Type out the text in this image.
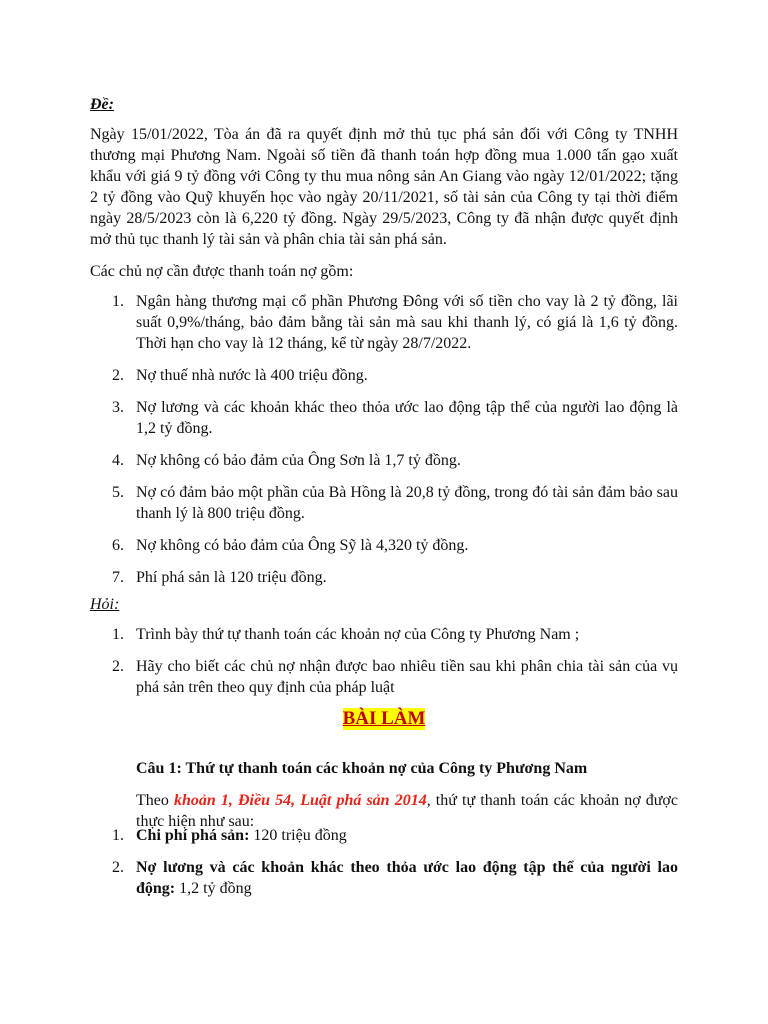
Đề:

Ngày 15/01/2022, Tòa án đã ra quyết định mở thủ tục phá sản đối với Công ty TNHH thương mại Phương Nam. Ngoài số tiền đã thanh toán hợp đồng mua 1.000 tấn gạo xuất khẩu với giá 9 tỷ đồng với Công ty thu mua nông sản An Giang vào ngày 12/01/2022; tặng 2 tỷ đồng vào Quỹ khuyến học vào ngày 20/11/2021, số tài sản của Công ty tại thời điểm ngày 28/5/2023 còn là 6,220 tỷ đồng. Ngày 29/5/2023, Công ty đã nhận được quyết định mở thủ tục thanh lý tài sản và phân chia tài sản phá sản.

Các chủ nợ cần được thanh toán nợ gồm:

1. Ngân hàng thương mại cổ phần Phương Đông với số tiền cho vay là 2 tỷ đồng, lãi suất 0,9%/tháng, bảo đảm bằng tài sản mà sau khi thanh lý, có giá là 1,6 tỷ đồng. Thời hạn cho vay là 12 tháng, kể từ ngày 28/7/2022.
2. Nợ thuế nhà nước là 400 triệu đồng.
3. Nợ lương và các khoản khác theo thỏa ước lao động tập thể của người lao động là 1,2 tỷ đồng.
4. Nợ không có bảo đảm của Ông Sơn là 1,7 tỷ đồng.
5. Nợ có đảm bảo một phần của Bà Hồng là 20,8 tỷ đồng, trong đó tài sản đảm bảo sau thanh lý là 800 triệu đồng.
6. Nợ không có bảo đảm của Ông Sỹ là 4,320 tỷ đồng.
7. Phí phá sản là 120 triệu đồng.

Hỏi:

1. Trình bày thứ tự thanh toán các khoản nợ của Công ty Phương Nam ;
2. Hãy cho biết các chủ nợ nhận được bao nhiêu tiền sau khi phân chia tài sản của vụ phá sản trên theo quy định của pháp luật
BÀI LÀM

Câu 1: Thứ tự thanh toán các khoản nợ của Công ty Phương Nam

Theo khoản 1, Điều 54, Luật phá sản 2014, thứ tự thanh toán các khoản nợ được thực hiện như sau:

1. Chi phí phá sản: 120 triệu đồng
2. Nợ lương và các khoản khác theo thỏa ước lao động tập thể của người lao động: 1,2 tỷ đồng
